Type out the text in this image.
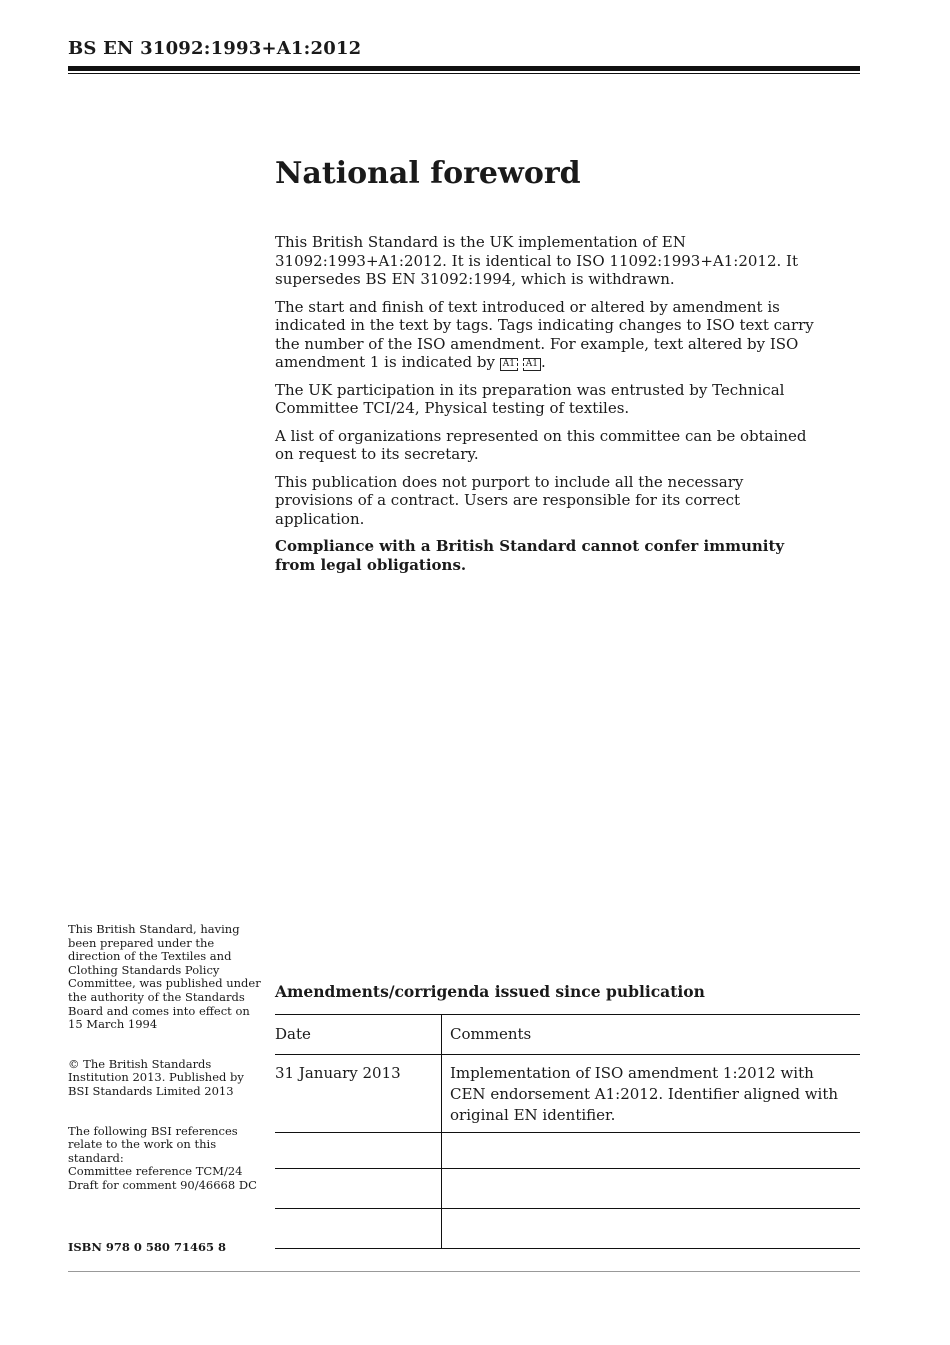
BS EN 31092:1993+A1:2012
National foreword

This British Standard is the UK implementation of EN 31092:1993+A1:2012. It is identical to ISO 11092:1993+A1:2012. It supersedes BS EN 31092:1994, which is withdrawn.

The start and finish of text introduced or altered by amendment is indicated in the text by tags. Tags indicating changes to ISO text carry the number of the ISO amendment. For example, text altered by ISO amendment 1 is indicated by A1 A1 .

The UK participation in its preparation was entrusted by Technical Committee TCI/24, Physical testing of textiles.

A list of organizations represented on this committee can be obtained on request to its secretary.

This publication does not purport to include all the necessary provisions of a contract. Users are responsible for its correct application.

Compliance with a British Standard cannot confer immunity from legal obligations.

This British Standard, having been prepared under the direction of the Textiles and Clothing Standards Policy Committee, was published under the authority of the Standards Board and comes into effect on 15 March 1994
© The British Standards Institution 2013. Published by BSI Standards Limited 2013
The following BSI references relate to the work on this standard:
Committee reference TCM/24
Draft for comment 90/46668 DC
ISBN 978 0 580 71465 8
Amendments/corrigenda issued since publication
Date	Comments
31 January 2013	Implementation of ISO amendment 1:2012 with CEN endorsement A1:2012. Identifier aligned with original EN identifier.
